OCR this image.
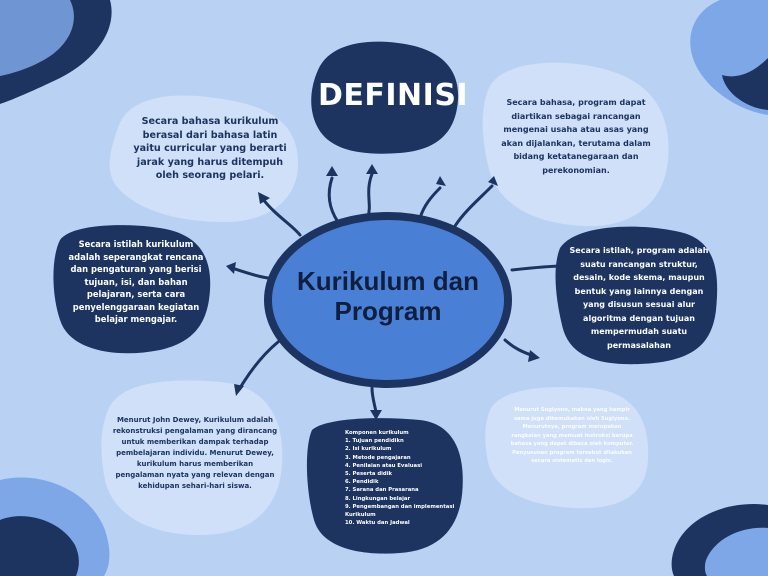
DEFINISI
Kurikulum dan
Program
Secara bahasa kurikulum berasal dari bahasa latin yaitu curricular yang berarti jarak yang harus ditempuh oleh seorang pelari.
Secara bahasa, program dapat diartikan sebagai rancangan mengenai usaha atau asas yang akan dijalankan, terutama dalam bidang ketatanegaraan dan perekonomian.
Secara istilah kurikulum adalah seperangkat rencana dan pengaturan yang berisi tujuan, isi, dan bahan pelajaran, serta cara penyelenggaraan kegiatan belajar mengajar.
Secara istilah, program adalah suatu rancangan struktur, desain, kode skema, maupun bentuk yang lainnya dengan yang disusun sesuai alur algoritma dengan tujuan mempermudah suatu permasalahan
Menurut John Dewey, Kurikulum adalah rekonstruksi pengalaman yang dirancang untuk memberikan dampak terhadap pembelajaran individu. Menurut Dewey, kurikulum harus memberikan pengalaman nyata yang relevan dengan kehidupan sehari-hari siswa.
Menurut Sugiyono, makna yang hampir sama juga dikemukakan oleh Sugiyono. Menurutnya, program merupakan rangkaian yang memuat instruksi berupa bahasa yang dapat dibaca oleh komputer. Penyusunan program tersebut dilakukan secara sistematis dan logis.
Komponen kurikulum
1. Tujuan pendidikn
2. Isi kurikulum
3. Metode pengajaran
4. Penilaian atau Evaluasi
5. Peserta didik
6. Pendidik
7. Sarana dan Prasarana
8. Lingkungan belajar
9. Pengembangan dan implementasi Kurikulum
10. Waktu dan Jadwal
